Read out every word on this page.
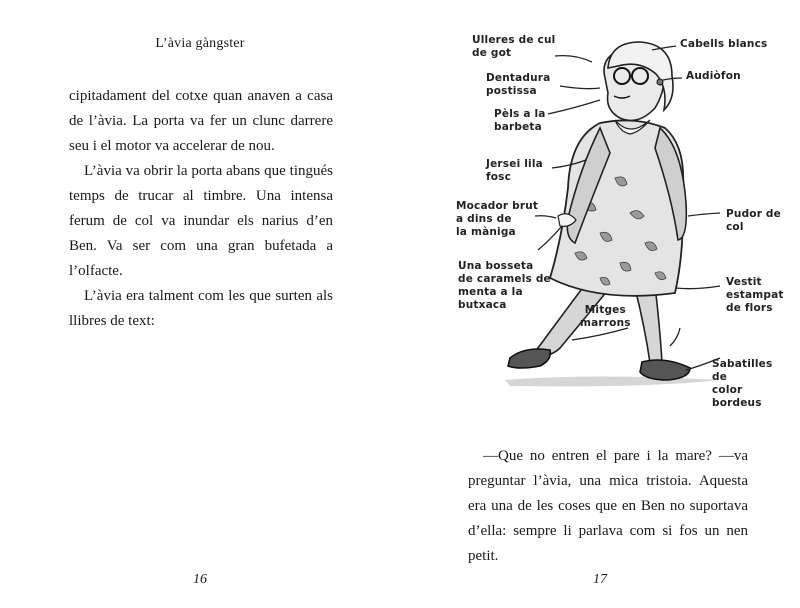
L’àvia gàngster

cipitadament del cotxe quan anaven a casa de l’àvia. La porta va fer un clunc darrere seu i el motor va accelerar de nou.

L’àvia va obrir la porta abans que tingués temps de trucar al timbre. Una intensa ferum de col va inundar els narius d’en Ben. Va ser com una gran bufetada a l’olfacte.

L’àvia era talment com les que surten als llibres de text:

16
Ulleres de cul
de got
Cabells blancs
Dentadura
postissa
Audiòfon
Pèls a la
barbeta
Jersei lila
fosc
Mocador brut
a dins de
la màniga
Pudor de col
Una bosseta
de caramels de
menta a la
butxaca	Mitges
marrons
Vestit
estampat
de flors
Sabatilles de
color bordeus

—Que no entren el pare i la mare? —va preguntar l’àvia, una mica tristoia. Aquesta era una de les coses que en Ben no suportava d’ella: sempre li parlava com si fos un nen petit.

17
